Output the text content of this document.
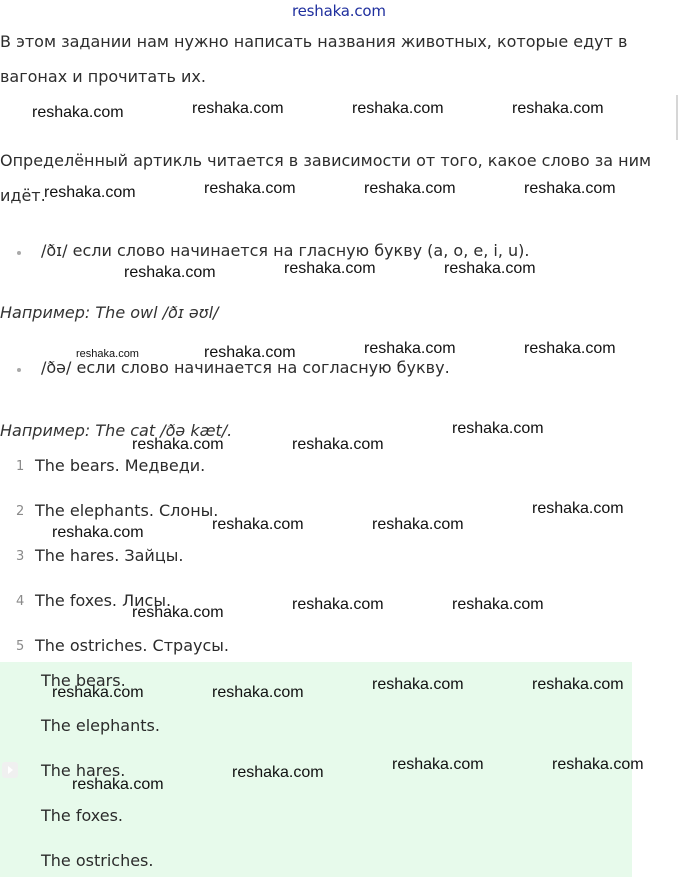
reshaka.com
В этом задании нам нужно написать названия животных, которые едут в
вагонах и прочитать их.
Определённый артикль читается в зависимости от того, какое слово за ним
идёт.
/ðɪ/ если слово начинается на гласную букву (a, o, e, i, u).
Например: The owl /ðɪ əʊl/
/ðə/ если слово начинается на согласную букву.
Например: The cat /ðə kæt/.
1 The bears. Медведи.
2 The elephants. Слоны.
3 The hares. Зайцы.
4 The foxes. Лисы.
5 The ostriches. Страусы.
The bears.
The elephants.
The hares.
The foxes.
The ostriches.
reshaka.com	reshaka.com	reshaka.com	reshaka.com
reshaka.com	reshaka.com	reshaka.com	reshaka.com
reshaka.com	reshaka.com	reshaka.com
reshaka.com	reshaka.com	reshaka.com	reshaka.com
reshaka.com	reshaka.com
reshaka.com
reshaka.com	reshaka.com	reshaka.com
reshaka.com
reshaka.com	reshaka.com	reshaka.com
reshaka.com	reshaka.com	reshaka.com	reshaka.com
reshaka.com
reshaka.com	reshaka.com	reshaka.com
